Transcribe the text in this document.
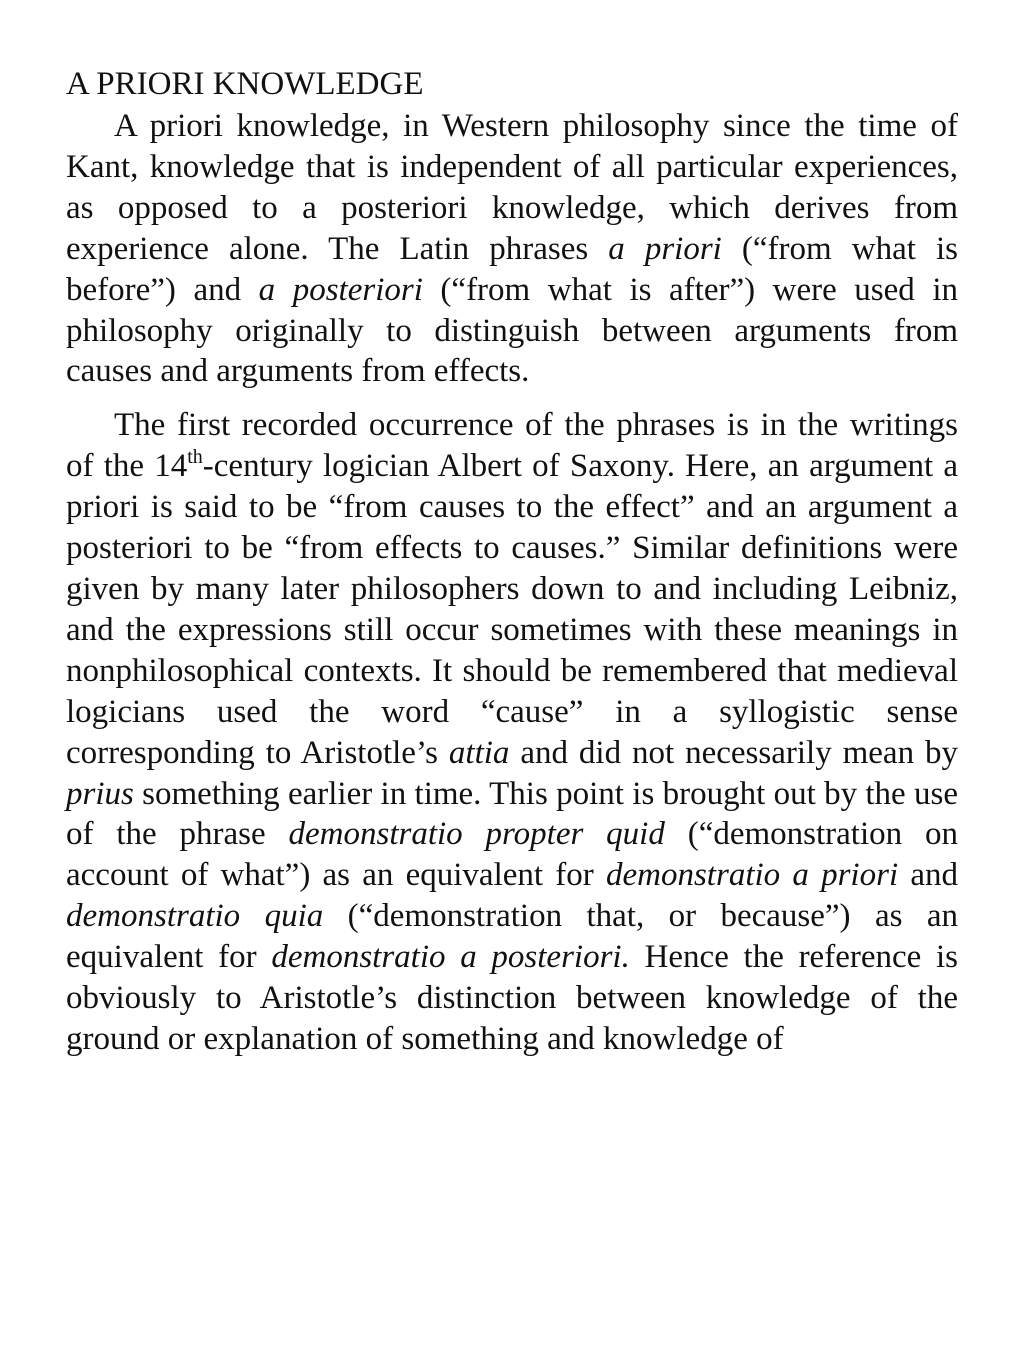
A PRIORI KNOWLEDGE

A priori knowledge, in Western philosophy since the time of Kant, knowledge that is independent of all particular experiences, as opposed to a posteriori knowledge, which derives from experience alone. The Latin phrases a priori (“from what is before”) and a posteriori (“from what is after”) were used in philosophy originally to distinguish between arguments from causes and arguments from effects.

The first recorded occurrence of the phrases is in the writings of the 14th-century logician Albert of Saxony. Here, an argument a priori is said to be “from causes to the effect” and an argument a posteriori to be “from effects to causes.” Similar definitions were given by many later philosophers down to and including Leibniz, and the expressions still occur sometimes with these meanings in nonphilosophical contexts. It should be remembered that medieval logicians used the word “cause” in a syllogistic sense corresponding to Aristotle’s attia and did not necessarily mean by prius something earlier in time. This point is brought out by the use of the phrase demonstratio propter quid (“demonstration on account of what”) as an equivalent for demonstratio a priori and demonstratio quia (“demonstration that, or because”) as an equivalent for demonstratio a posteriori. Hence the reference is obviously to Aristotle’s distinction between knowledge of the ground or explanation of something and knowledge of
